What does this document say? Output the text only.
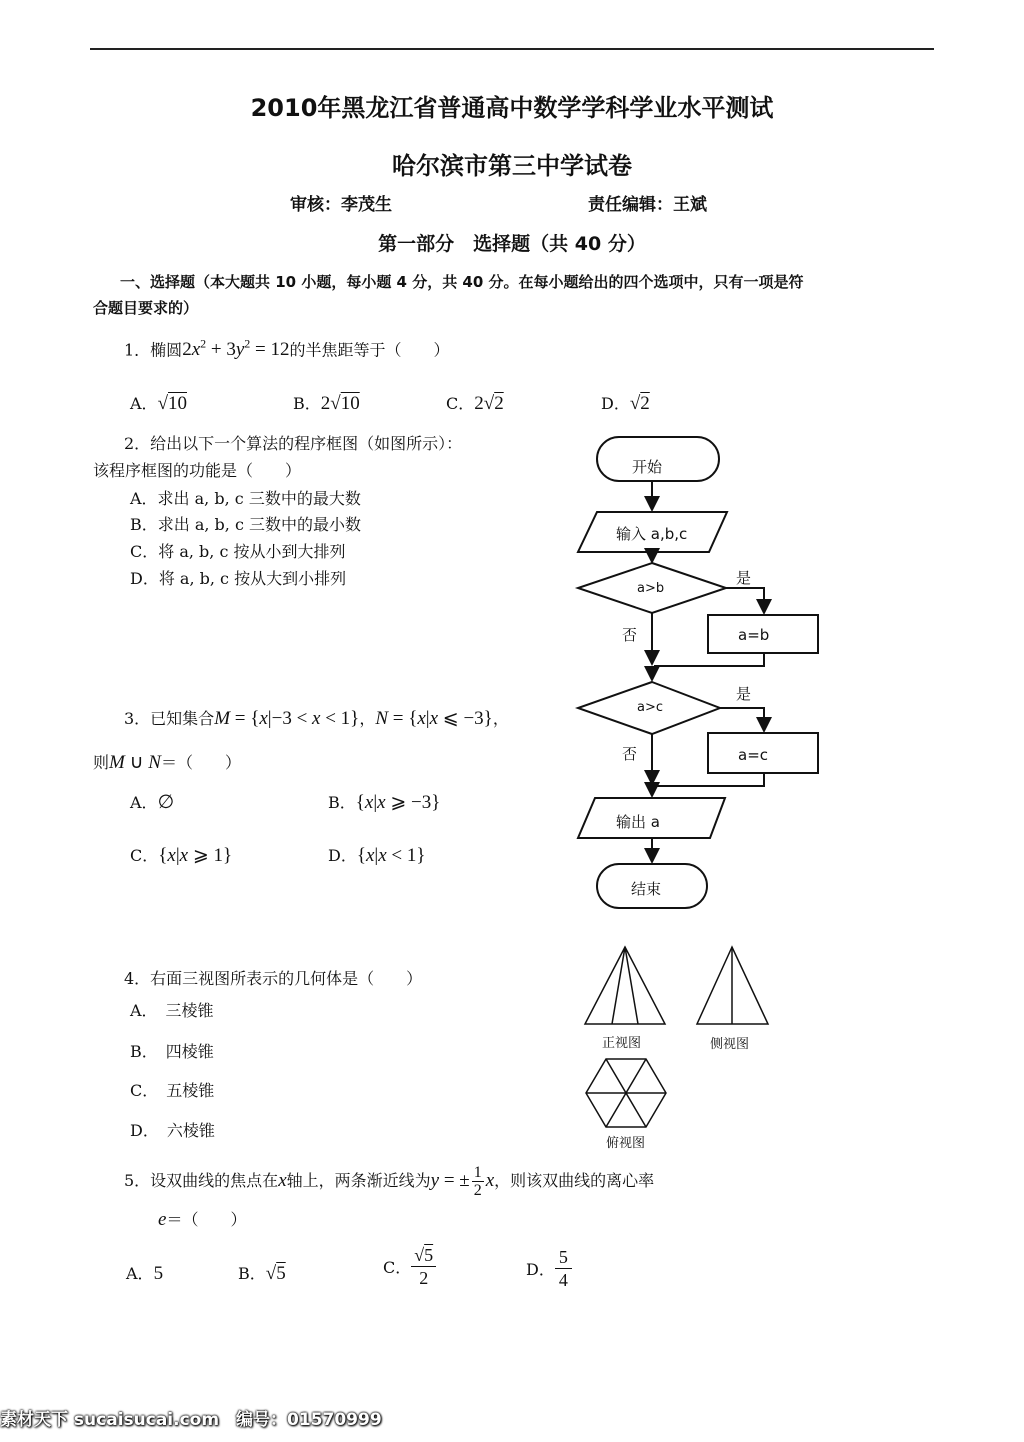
2010年黑龙江省普通高中数学学科学业水平测试
哈尔滨市第三中学试卷
审核：李茂生	责任编辑：王斌
第一部分　选择题（共 40 分）
一、选择题（本大题共 10 小题，每小题 4 分，共 40 分。在每小题给出的四个选项中，只有一项是符
合题目要求的）
1．椭圆$2x^2 + 3y^2 = 12$的半焦距等于（　　）
A．√10	B．2√10	C．2√2	D．√2
2．给出以下一个算法的程序框图（如图所示）：
该程序框图的功能是（　　）
A．求出 a, b, c 三数中的最大数
B．求出 a, b, c 三数中的最小数
C．将 a, b, c 按从小到大排列
D．将 a, b, c 按从大到小排列
开始
输入 a,b,c
a>b
是
否	a=b
a>c
是
否	a=c
输出 a
结束
3．已知集合M = {x|−3 < x < 1}，N = {x|x ⩽ −3}，
则M ∪ N＝（　　）
A．∅	B．{x|x ⩾ −3}
C．{x|x ⩾ 1}	D．{x|x < 1}
4．右面三视图所表示的几何体是（　　）
A．　三棱锥
B．　四棱锥
C．　五棱锥
D．　六棱锥
正视图	侧视图
俯视图
5．设双曲线的焦点在x轴上，两条渐近线为y = ± $\frac{1}{2}$ x，则该双曲线的离心率
e＝（　　）
A．5	B．√5	C． $\frac{√5}{2}$	D． $\frac{5}{4}$
素材天下 sucaisucai.com　编号：01570999
